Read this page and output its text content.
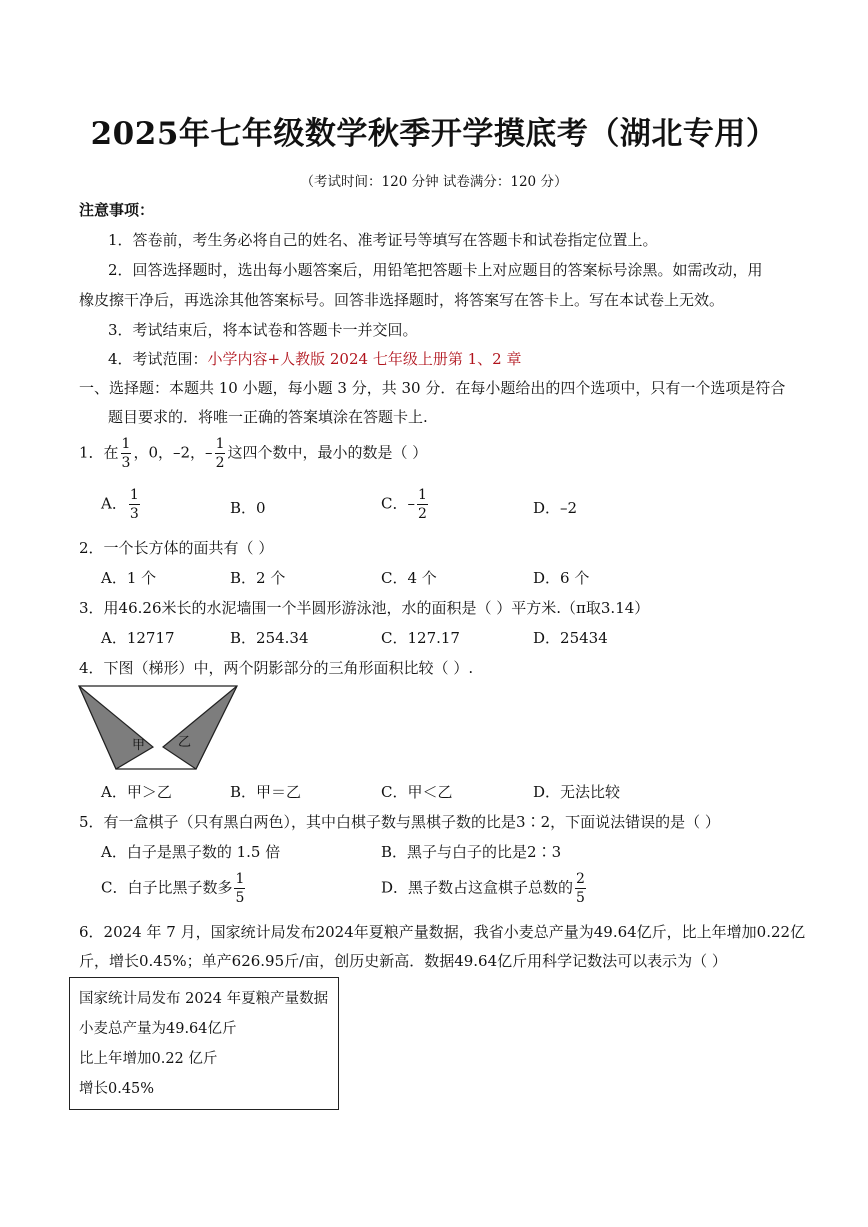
2025年七年级数学秋季开学摸底考（湖北专用）
（考试时间：120 分钟 试卷满分：120 分）
注意事项：
1．答卷前，考生务必将自己的姓名、准考证号等填写在答题卡和试卷指定位置上。
2．回答选择题时，选出每小题答案后，用铅笔把答题卡上对应题目的答案标号涂黑。如需改动，用
橡皮擦干净后，再选涂其他答案标号。回答非选择题时，将答案写在答卡上。写在本试卷上无效。
3．考试结束后，将本试卷和答题卡一并交回。
4．考试范围：小学内容+人教版 2024 七年级上册第 1、2 章
一、选择题：本题共 10 小题，每小题 3 分，共 30 分．在每小题给出的四个选项中，只有一个选项是符合
题目要求的．将唯一正确的答案填涂在答题卡上.
1．在 $\frac{1}{3}$ ，0，–2，– $\frac{1}{2}$ 这四个数中，最小的数是（ ）
A． $\frac{1}{3}$	B．0	C．– $\frac{1}{2}$	D．–2
2．一个长方体的面共有（ ）
A．1 个	B．2 个	C．4 个	D．6 个
3．用46.26米长的水泥墙围一个半圆形游泳池，水的面积是（ ）平方米.（π取3.14）
A．12717	B．254.34	C．127.17	D．25434
4．下图（梯形）中，两个阴影部分的三角形面积比较（ ）.
甲	乙
A．甲＞乙	B．甲＝乙	C．甲＜乙	D．无法比较
5．有一盒棋子（只有黑白两色），其中白棋子数与黑棋子数的比是3∶2，下面说法错误的是（ ）
A．白子是黑子数的 1.5 倍	B．黑子与白子的比是2∶3
C．白子比黑子数多 $\frac{1}{5}$	D．黑子数占这盒棋子总数的 $\frac{2}{5}$
6．2024 年 7 月，国家统计局发布2024年夏粮产量数据，我省小麦总产量为49.64亿斤，比上年增加0.22亿
斤，增长0.45%；单产626.95斤/亩，创历史新高．数据49.64亿斤用科学记数法可以表示为（ ）
国家统计局发布 2024 年夏粮产量数据
小麦总产量为49.64亿斤
比上年增加0.22 亿斤
增长0.45%
